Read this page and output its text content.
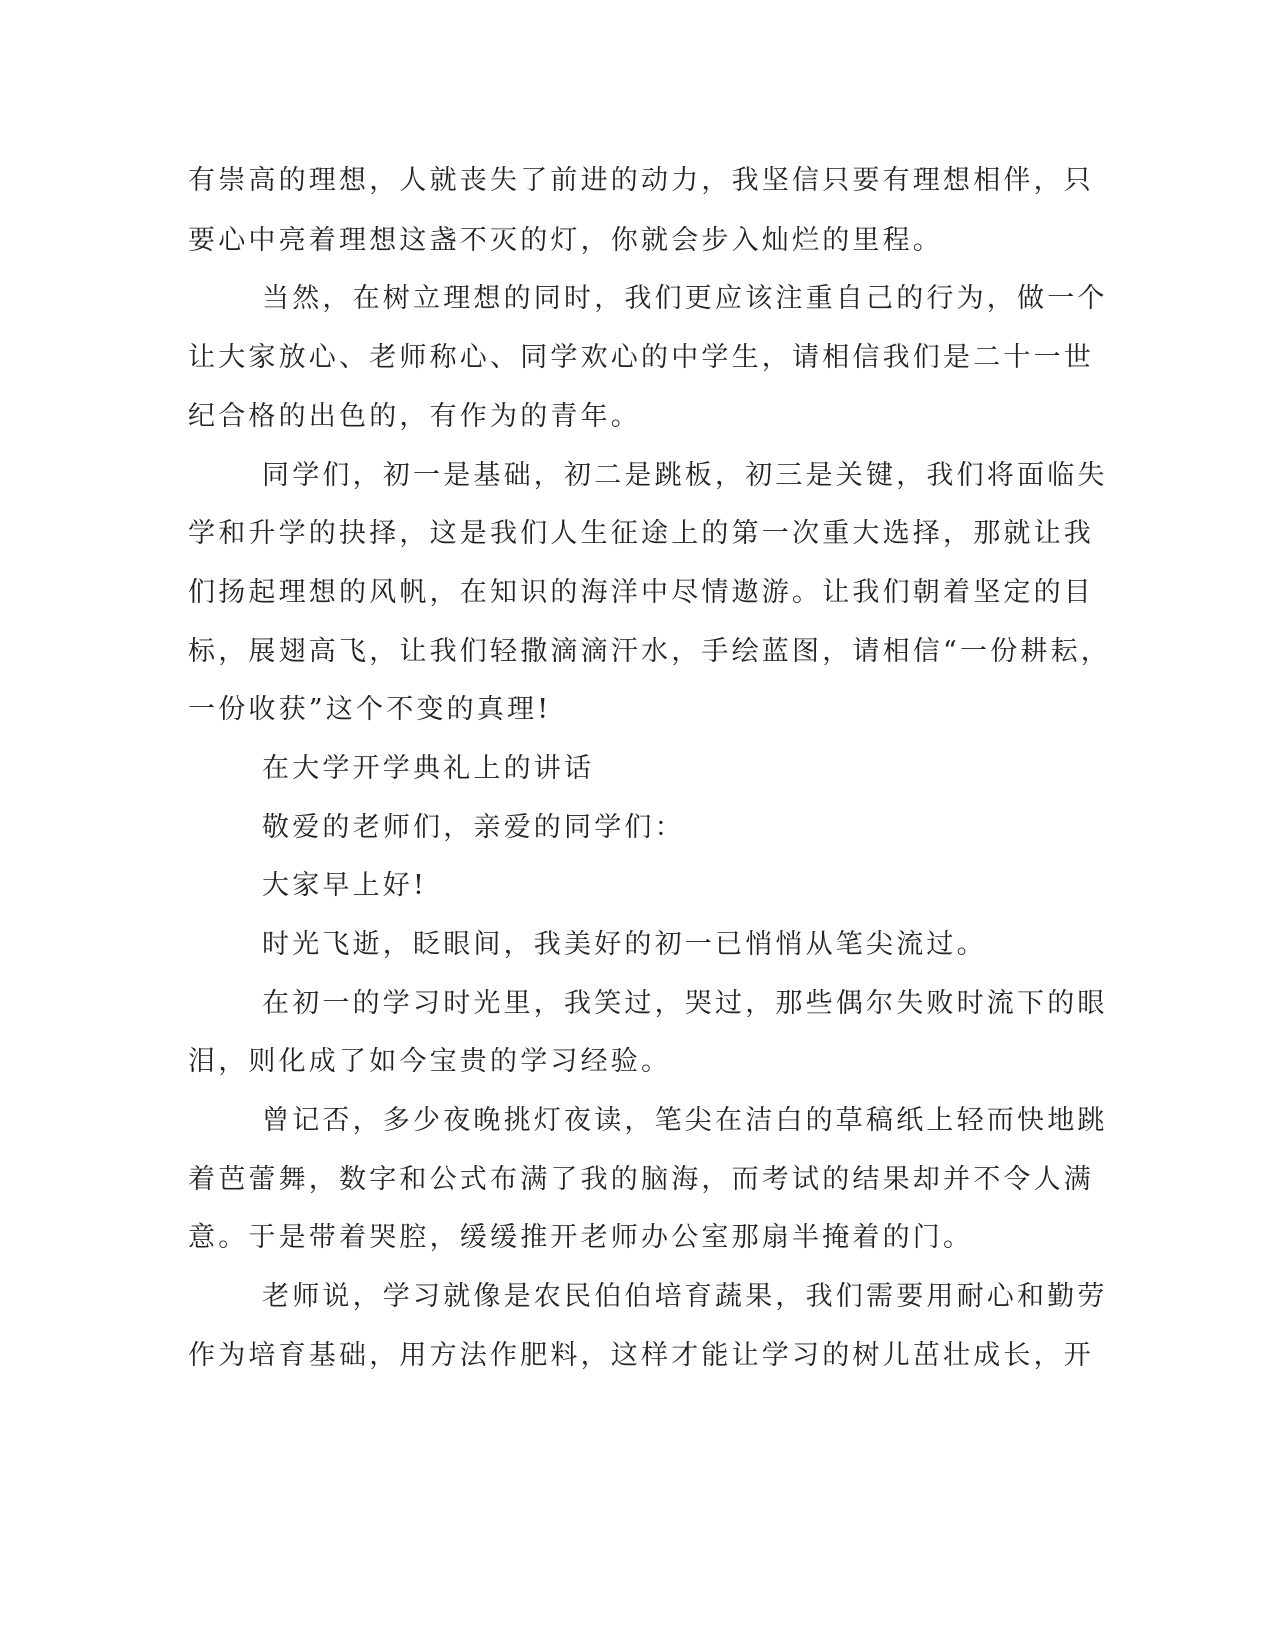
有崇高的理想，人就丧失了前进的动力，我坚信只要有理想相伴，只
要心中亮着理想这盏不灭的灯，你就会步入灿烂的里程。
当然，在树立理想的同时，我们更应该注重自己的行为，做一个
让大家放心、老师称心、同学欢心的中学生，请相信我们是二十一世
纪合格的出色的，有作为的青年。
同学们，初一是基础，初二是跳板，初三是关键，我们将面临失
学和升学的抉择，这是我们人生征途上的第一次重大选择，那就让我
们扬起理想的风帆，在知识的海洋中尽情遨游。让我们朝着坚定的目
标，展翅高飞，让我们轻撒滴滴汗水，手绘蓝图，请相信“一份耕耘，
一份收获”这个不变的真理!
在大学开学典礼上的讲话
敬爱的老师们，亲爱的同学们：
大家早上好!
时光飞逝，眨眼间，我美好的初一已悄悄从笔尖流过。
在初一的学习时光里，我笑过，哭过，那些偶尔失败时流下的眼
泪，则化成了如今宝贵的学习经验。
曾记否，多少夜晚挑灯夜读，笔尖在洁白的草稿纸上轻而快地跳
着芭蕾舞，数字和公式布满了我的脑海，而考试的结果却并不令人满
意。于是带着哭腔，缓缓推开老师办公室那扇半掩着的门。
老师说，学习就像是农民伯伯培育蔬果，我们需要用耐心和勤劳
作为培育基础，用方法作肥料，这样才能让学习的树儿茁壮成长，开
